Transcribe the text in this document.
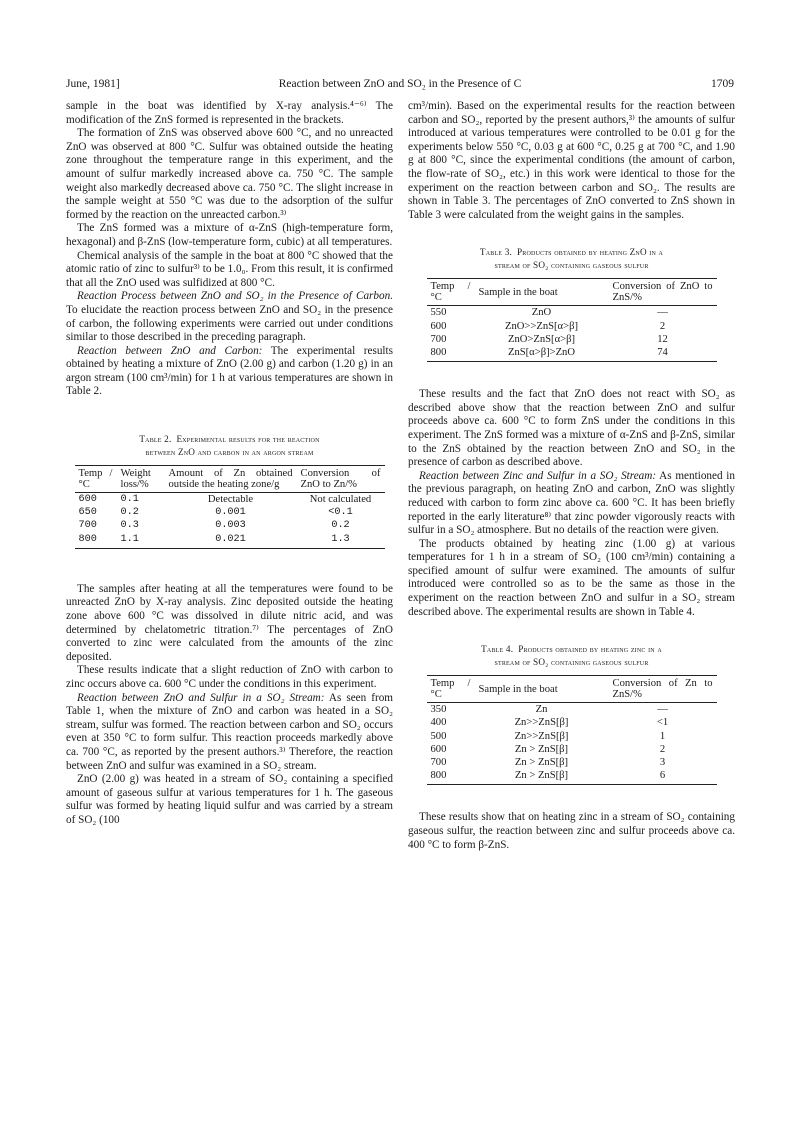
June, 1981]	Reaction between ZnO and SO₂ in the Presence of C	1709

sample in the boat was identified by X-ray analysis.⁴⁻⁶⁾ The modification of the ZnS formed is represented in the brackets.

The formation of ZnS was observed above 600 °C, and no unreacted ZnO was observed at 800 °C. Sulfur was obtained outside the heating zone throughout the temperature range in this experiment, and the amount of sulfur markedly increased above ca. 750 °C. The sample weight also markedly decreased above ca. 750 °C. The slight increase in the sample weight at 550 °C was due to the adsorption of the sulfur formed by the reaction on the unreacted carbon.³⁾

The ZnS formed was a mixture of α-ZnS (high-temperature form, hexagonal) and β-ZnS (low-temperature form, cubic) at all temperatures.

Chemical analysis of the sample in the boat at 800 °C showed that the atomic ratio of zinc to sulfur³⁾ to be 1.0₀. From this result, it is confirmed that all the ZnO used was sulfidized at 800 °C.

Reaction Process between ZnO and SO₂ in the Presence of Carbon. To elucidate the reaction process between ZnO and SO₂ in the presence of carbon, the following experiments were carried out under conditions similar to those described in the preceding paragraph.

Reaction between ZnO and Carbon: The experimental results obtained by heating a mixture of ZnO (2.00 g) and carbon (1.20 g) in an argon stream (100 cm³/min) for 1 h at various temperatures are shown in Table 2.

Table 2. Experimental results for the reaction
between ZnO and carbon in an argon stream
Temp /°C	Weight loss/%	Amount of Zn obtained outside the heating zone/g	Conversion of ZnO to Zn/%
600	0.1	Detectable	Not calculated
650	0.2	0.001	<0.1
700	0.3	0.003	0.2
800	1.1	0.021	1.3

The samples after heating at all the temperatures were found to be unreacted ZnO by X-ray analysis. Zinc deposited outside the heating zone above 600 °C was dissolved in dilute nitric acid, and was determined by chelatometric titration.⁷⁾ The percentages of ZnO converted to zinc were calculated from the amounts of the zinc deposited.

These results indicate that a slight reduction of ZnO with carbon to zinc occurs above ca. 600 °C under the conditions in this experiment.

Reaction between ZnO and Sulfur in a SO₂ Stream: As seen from Table 1, when the mixture of ZnO and carbon was heated in a SO₂ stream, sulfur was formed. The reaction between carbon and SO₂ occurs even at 350 °C to form sulfur. This reaction proceeds markedly above ca. 700 °C, as reported by the present authors.³⁾ Therefore, the reaction between ZnO and sulfur was examined in a SO₂ stream.

ZnO (2.00 g) was heated in a stream of SO₂ containing a specified amount of gaseous sulfur at various temperatures for 1 h. The gaseous sulfur was formed by heating liquid sulfur and was carried by a stream of SO₂ (100

cm³/min). Based on the experimental results for the reaction between carbon and SO₂, reported by the present authors,³⁾ the amounts of sulfur introduced at various temperatures were controlled to be 0.01 g for the experiments below 550 °C, 0.03 g at 600 °C, 0.25 g at 700 °C, and 1.90 g at 800 °C, since the experimental conditions (the amount of carbon, the flow-rate of SO₂, etc.) in this work were identical to those for the experiment on the reaction between carbon and SO₂. The results are shown in Table 3. The percentages of ZnO converted to ZnS shown in Table 3 were calculated from the weight gains in the samples.

Table 3. Products obtained by heating ZnO in a
stream of SO₂ containing gaseous sulfur
Temp /°C	Sample in the boat	Conversion of ZnO to ZnS/%
550	ZnO	—
600	ZnO>>ZnS[α>β]	2
700	ZnO>ZnS[α>β]	12
800	ZnS[α>β]>ZnO	74

These results and the fact that ZnO does not react with SO₂ as described above show that the reaction between ZnO and sulfur proceeds above ca. 600 °C to form ZnS under the conditions in this experiment. The ZnS formed was a mixture of α-ZnS and β-ZnS, similar to the ZnS obtained by the reaction between ZnO and SO₂ in the presence of carbon as described above.

Reaction between Zinc and Sulfur in a SO₂ Stream: As mentioned in the previous paragraph, on heating ZnO and carbon, ZnO was slightly reduced with carbon to form zinc above ca. 600 °C. It has been briefly reported in the early literature⁸⁾ that zinc powder vigorously reacts with sulfur in a SO₂ atmosphere. But no details of the reaction were given.

The products obtained by heating zinc (1.00 g) at various temperatures for 1 h in a stream of SO₂ (100 cm³/min) containing a specified amount of sulfur were examined. The amounts of sulfur introduced were controlled so as to be the same as those in the experiment on the reaction between ZnO and sulfur in a SO₂ stream described above. The experimental results are shown in Table 4.

Table 4. Products obtained by heating zinc in a
stream of SO₂ containing gaseous sulfur
Temp /°C	Sample in the boat	Conversion of Zn to ZnS/%
350	Zn	—
400	Zn>>ZnS[β]	<1
500	Zn>>ZnS[β]	1
600	Zn > ZnS[β]	2
700	Zn > ZnS[β]	3
800	Zn > ZnS[β]	6

These results show that on heating zinc in a stream of SO₂ containing gaseous sulfur, the reaction between zinc and sulfur proceeds above ca. 400 °C to form β-ZnS.
